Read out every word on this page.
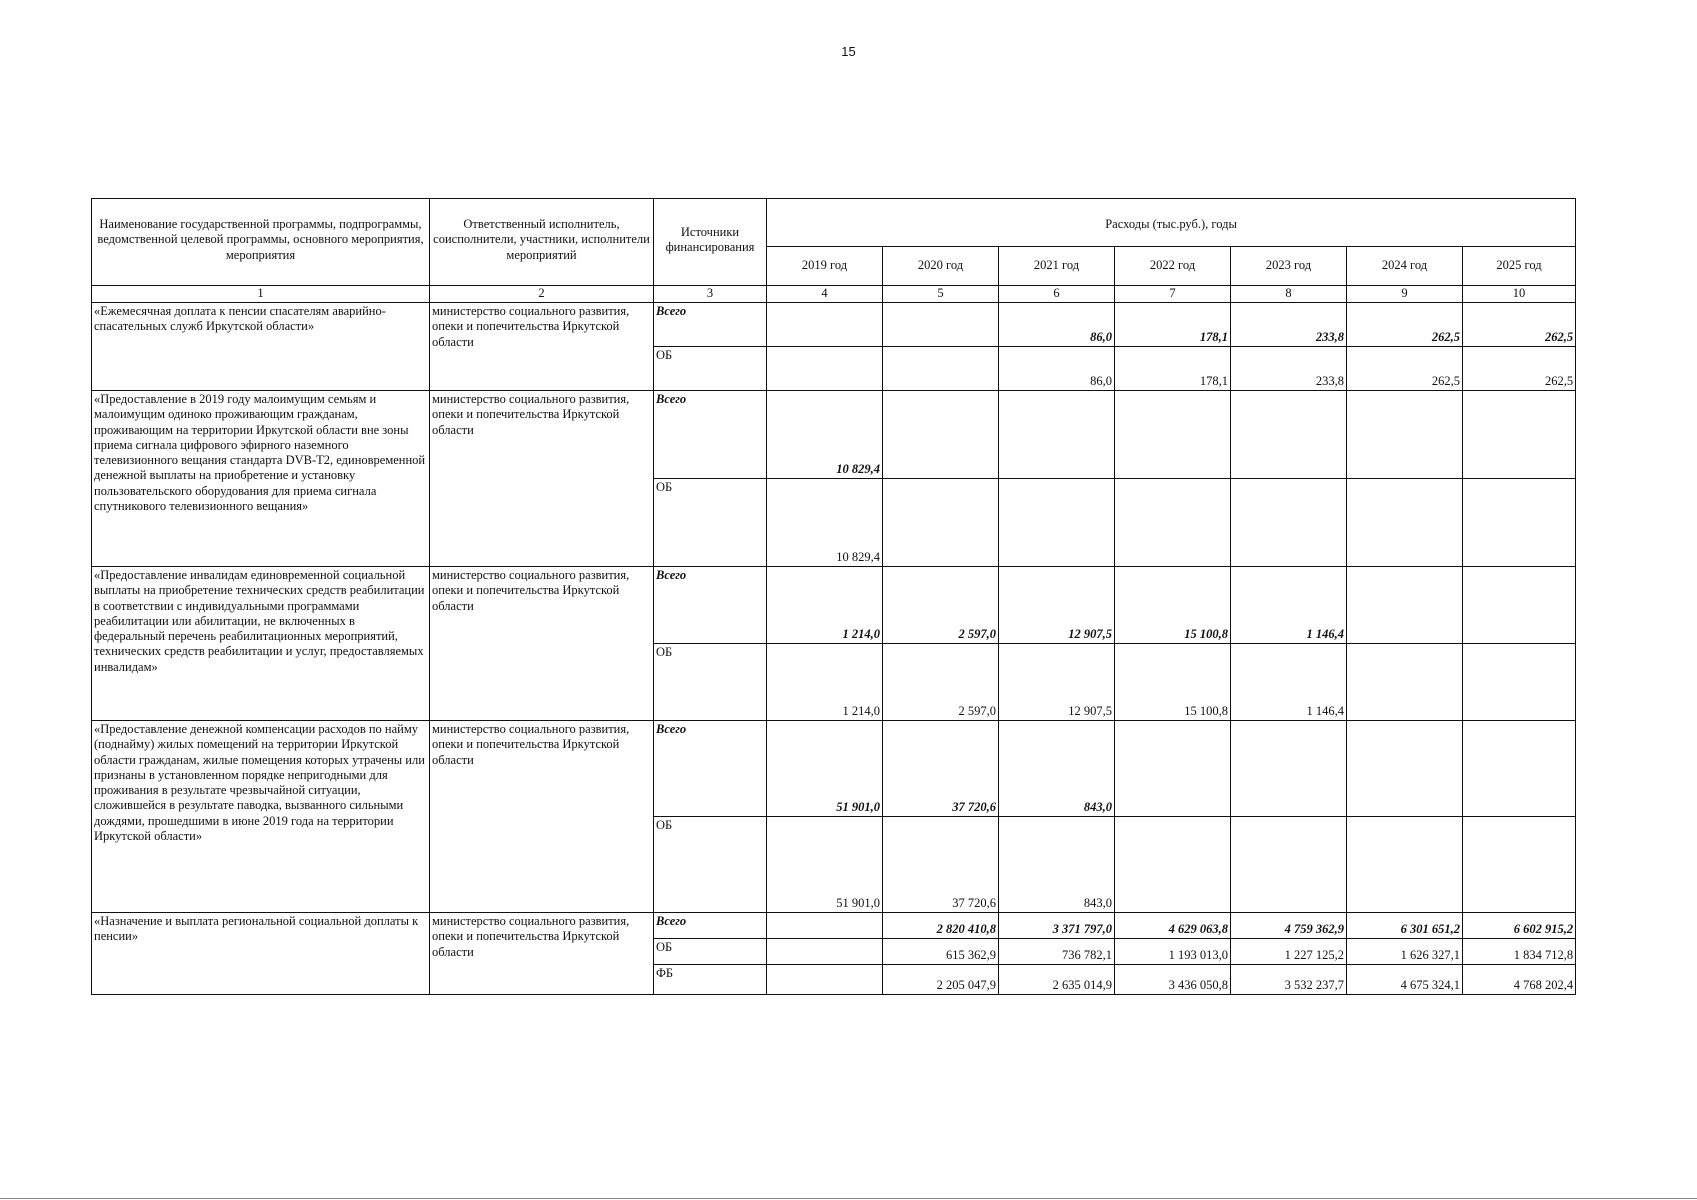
15
Наименование государственной программы, подпрограммы, ведомственной целевой программы, основного мероприятия, мероприятия	Ответственный исполнитель, соисполнители, участники, исполнители мероприятий	Источники финансирования	Расходы (тыс.руб.), годы						
			2019 год	2020 год	2021 год	2022 год	2023 год	2024 год	2025 год
1	2	3	4	5	6	7	8	9	10
«Ежемесячная доплата к пенсии спасателям аварийно-спасательных служб Иркутской области»	министерство социального развития, опеки и попечительства Иркутской области	Всего			86,0	178,1	233,8	262,5	262,5
		ОБ			86,0	178,1	233,8	262,5	262,5
«Предоставление в 2019 году малоимущим семьям и малоимущим одиноко проживающим гражданам, проживающим на территории Иркутской области вне зоны приема сигнала цифрового эфирного наземного телевизионного вещания стандарта DVB-T2, единовременной денежной выплаты на приобретение и установку пользовательского оборудования для приема сигнала спутникового телевизионного вещания»	министерство социального развития, опеки и попечительства Иркутской области	Всего	10 829,4						
		ОБ	10 829,4						
«Предоставление инвалидам единовременной социальной выплаты на приобретение технических средств реабилитации в соответствии с индивидуальными программами реабилитации или абилитации, не включенных в федеральный перечень реабилитационных мероприятий, технических средств реабилитации и услуг, предоставляемых инвалидам»	министерство социального развития, опеки и попечительства Иркутской области	Всего	1 214,0	2 597,0	12 907,5	15 100,8	1 146,4		
		ОБ	1 214,0	2 597,0	12 907,5	15 100,8	1 146,4		
«Предоставление денежной компенсации расходов по найму (поднайму) жилых помещений на территории Иркутской области гражданам, жилые помещения которых утрачены или признаны в установленном порядке непригодными для проживания в результате чрезвычайной ситуации, сложившейся в результате паводка, вызванного сильными дождями, прошедшими в июне 2019 года на территории Иркутской области»	министерство социального развития, опеки и попечительства Иркутской области	Всего	51 901,0	37 720,6	843,0				
		ОБ	51 901,0	37 720,6	843,0				
«Назначение и выплата региональной социальной доплаты к пенсии»	министерство социального развития, опеки и попечительства Иркутской области	Всего		2 820 410,8	3 371 797,0	4 629 063,8	4 759 362,9	6 301 651,2	6 602 915,2
		ОБ		615 362,9	736 782,1	1 193 013,0	1 227 125,2	1 626 327,1	1 834 712,8
		ФБ		2 205 047,9	2 635 014,9	3 436 050,8	3 532 237,7	4 675 324,1	4 768 202,4
